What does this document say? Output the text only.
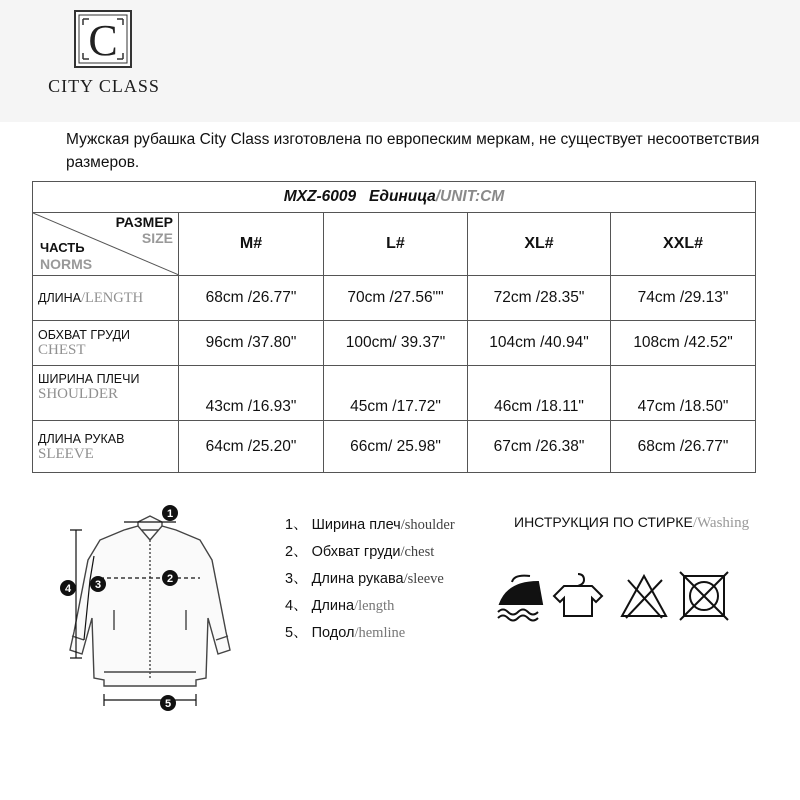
C
CITY CLASS
Мужская рубашка City Class изготовлена по европеским меркам, не существует несоответствия размеров.
MXZ-6009 Единица/UNIT:CM				

РАЗМЕР
SIZE
ЧАСТЬ
NORMS	M#	L#	XL#	XXL#
ДЛИНА/LENGTH	68cm /26.77"	70cm /27.56""	72cm /28.35"	74cm /29.13"

ОБХВАТ ГРУДИ
CHEST	96cm /37.80"	100cm/ 39.37"	104cm /40.94"	108cm /42.52"

ШИРИНА ПЛЕЧИ
SHOULDER	43cm /16.93"	45cm /17.72"	46cm /18.11"	47cm /18.50"

ДЛИНА РУКАВ
SLEEVE	64cm /25.20"	66cm/ 25.98"	67cm /26.38"	68cm /26.77"
1
2
3
4
5
1、 Ширина плеч/shoulder
2、 Обхват груди/chest
3、 Длина рукава/sleeve
4、 Длина/length
5、 Подол/hemline
ИНСТРУКЦИЯ ПО СТИРКЕ/Washing
